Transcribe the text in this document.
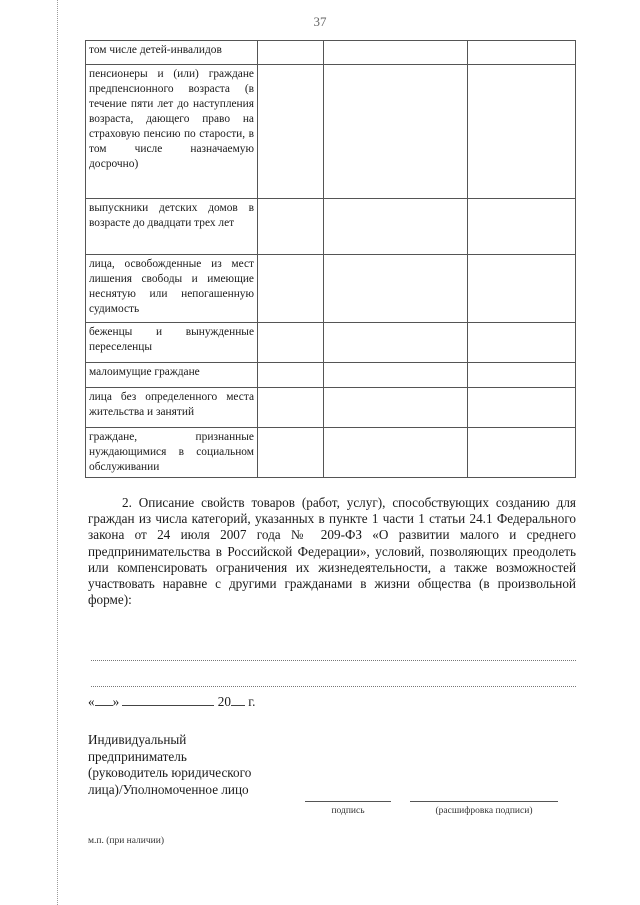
37
том числе детей-инвалидов			

пенсионеры и (или) граждане предпенсионного возраста (в течение пяти лет до наступления возраста, дающего право на страховую пенсию по старости, в том числе назначаемую досрочно)			

выпускники детских домов в возрасте до двадцати трех лет			

лица, освобожденные из мест лишения свободы и имеющие неснятую или непогашенную судимость			

беженцы и вынужденные переселенцы			

малоимущие граждане			

лица без определенного места жительства и занятий			

граждане, признанные нуждающимися в социальном обслуживании			

2. Описание свойств товаров (работ, услуг), способствующих созданию для граждан из числа категорий, указанных в пункте 1 части 1 статьи 24.1 Федерального закона от 24 июля 2007 года № 209-ФЗ «О развитии малого и среднего предпринимательства в Российской Федерации», условий, позволяющих преодолеть или компенсировать ограничения их жизнедеятельности, а также возможностей участвовать наравне с другими гражданами в жизни общества (в произвольной форме):

« »	20 г.
Индивидуальный
предприниматель
(руководитель юридического
лица)/Уполномоченное лицо
подпись	(расшифровка подписи)
м.п. (при наличии)
